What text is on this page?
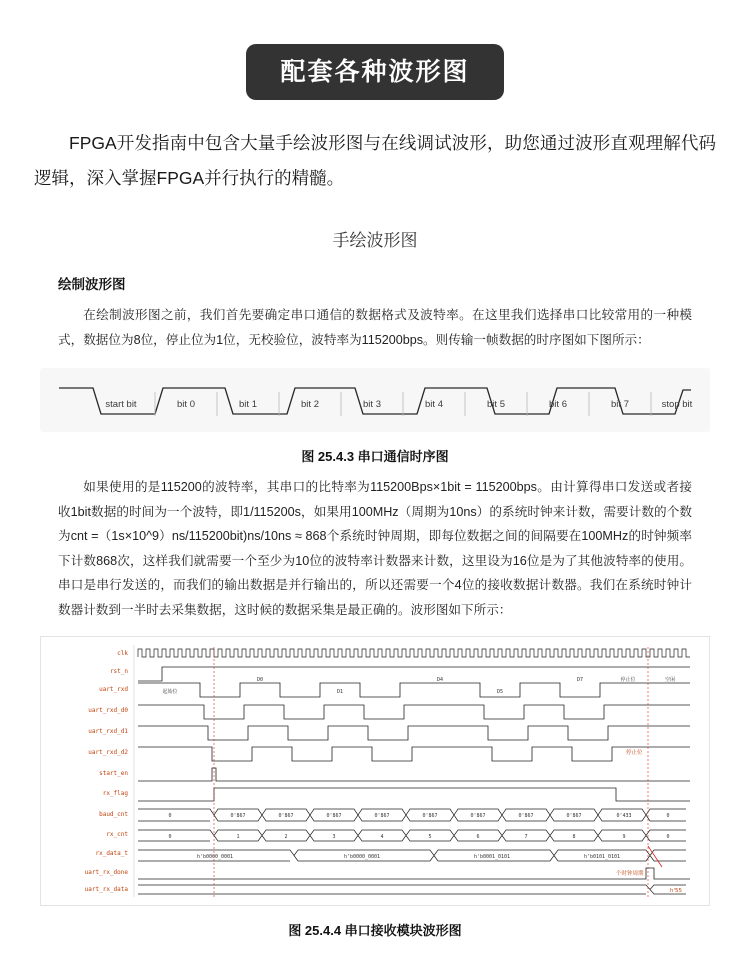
配套各种波形图
FPGA开发指南中包含大量手绘波形图与在线调试波形，助您通过波形直观理解代码逻辑，深入掌握FPGA并行执行的精髓。
手绘波形图
绘制波形图
在绘制波形图之前，我们首先要确定串口通信的数据格式及波特率。在这里我们选择串口比较常用的一种模式，数据位为8位，停止位为1位，无校验位，波特率为115200bps。则传输一帧数据的时序图如下图所示：
start bit	bit 0	bit 1	bit 2	bit 3	bit 4	bit 5	bit 6	bit 7	stop bit
图 25.4.3 串口通信时序图
如果使用的是115200的波特率，其串口的比特率为115200Bps×1bit = 115200bps。由计算得串口发送或者接收1bit数据的时间为一个波特，即1/115200s，如果用100MHz（周期为10ns）的系统时钟来计数，需要计数的个数为cnt =（1s×10^9）ns/115200bit)ns/10ns ≈ 868个系统时钟周期，即每位数据之间的间隔要在100MHz的时钟频率下计数868次，这样我们就需要一个至少为10位的波特率计数器来计数，这里设为16位是为了其他波特率的使用。串口是串行发送的，而我们的输出数据是并行输出的，所以还需要一个4位的接收数据计数器。我们在系统时钟计数器计数到一半时去采集数据，这时候的数据采集是最正确的。波形图如下所示：
clk
rst_n
uart_rxd
uart_rxd_d0
uart_rxd_d1
uart_rxd_d2
start_en
rx_flag
baud_cnt
rx_cnt
rx_data_t
uart_rx_done
uart_rx_data
起始位
D0
D1
D4
D5
D7	停止位	空闲
停止位
0	0'867	0'867	0'867	0'867	0'867	0'867	0'867	0'867	0'433	0
0	1	2	3	4	5	6	7	8	9	0
h'b0000_0001	h'b0000_0001	h'b0001_0101	h'b0101_0101
个时钟周期
h'55
图 25.4.4 串口接收模块波形图
